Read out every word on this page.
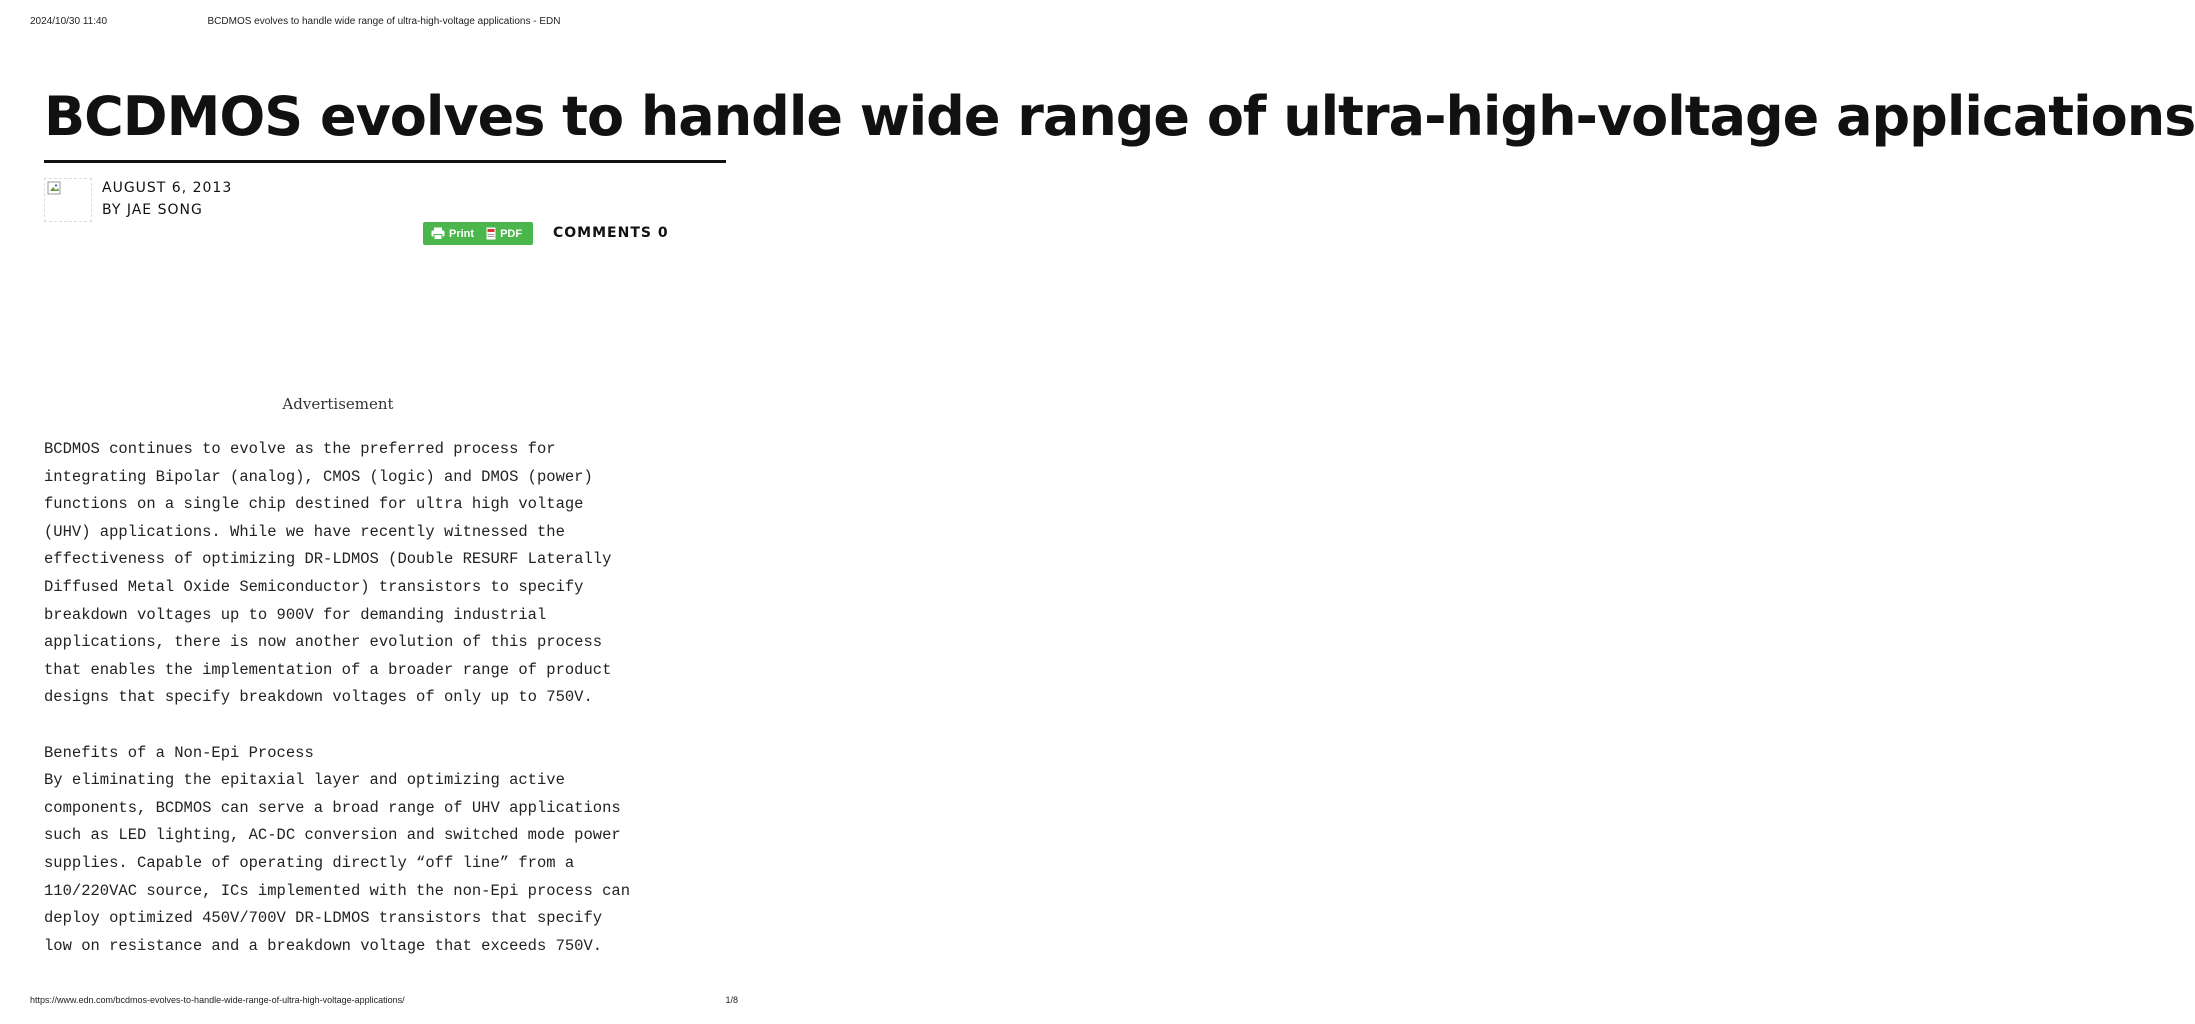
2024/10/30 11:40	BCDMOS evolves to handle wide range of ultra-high-voltage applications - EDN
BCDMOS evolves to handle wide range of ultra-high-voltage applications
AUGUST 6, 2013
BY JAE SONG
Print PDF COMMENTS 0
Advertisement

BCDMOS continues to evolve as the preferred process for

integrating Bipolar (analog), CMOS (logic) and DMOS (power)

functions on a single chip destined for ultra high voltage

(UHV) applications. While we have recently witnessed the

effectiveness of optimizing DR-LDMOS (Double RESURF Laterally

Diffused Metal Oxide Semiconductor) transistors to specify

breakdown voltages up to 900V for demanding industrial

applications, there is now another evolution of this process

that enables the implementation of a broader range of product

designs that specify breakdown voltages of only up to 750V.

Benefits of a Non-Epi Process

By eliminating the epitaxial layer and optimizing active

components, BCDMOS can serve a broad range of UHV applications

such as LED lighting, AC-DC conversion and switched mode power

supplies. Capable of operating directly “off line” from a

110/220VAC source, ICs implemented with the non-Epi process can

deploy optimized 450V/700V DR-LDMOS transistors that specify

low on resistance and a breakdown voltage that exceeds 750V.

https://www.edn.com/bcdmos-evolves-to-handle-wide-range-of-ultra-high-voltage-applications/	1/8
